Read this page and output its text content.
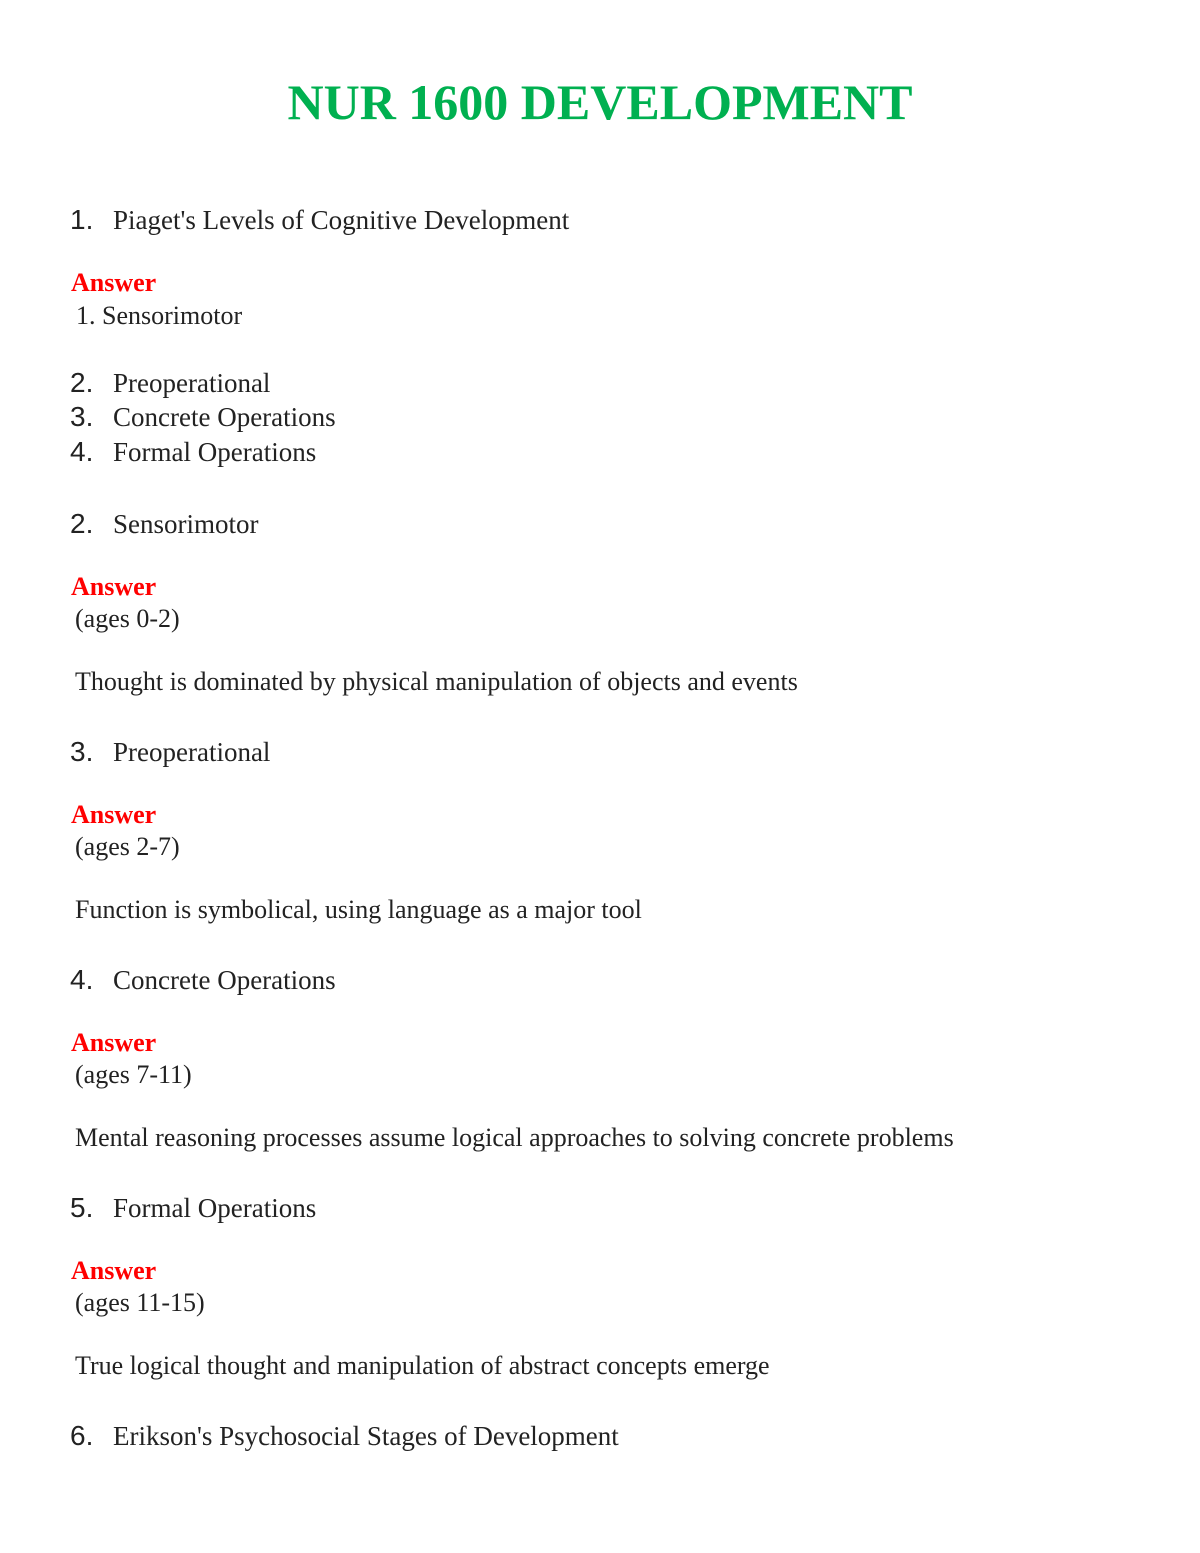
NUR 1600 DEVELOPMENT
1. Piaget's Levels of Cognitive Development
Answer
1. Sensorimotor
2. Preoperational
3. Concrete Operations
4. Formal Operations
2. Sensorimotor
Answer
(ages 0-2)
Thought is dominated by physical manipulation of objects and events
3. Preoperational
Answer
(ages 2-7)
Function is symbolical, using language as a major tool
4. Concrete Operations
Answer
(ages 7-11)
Mental reasoning processes assume logical approaches to solving concrete problems
5. Formal Operations
Answer
(ages 11-15)
True logical thought and manipulation of abstract concepts emerge
6. Erikson's Psychosocial Stages of Development
